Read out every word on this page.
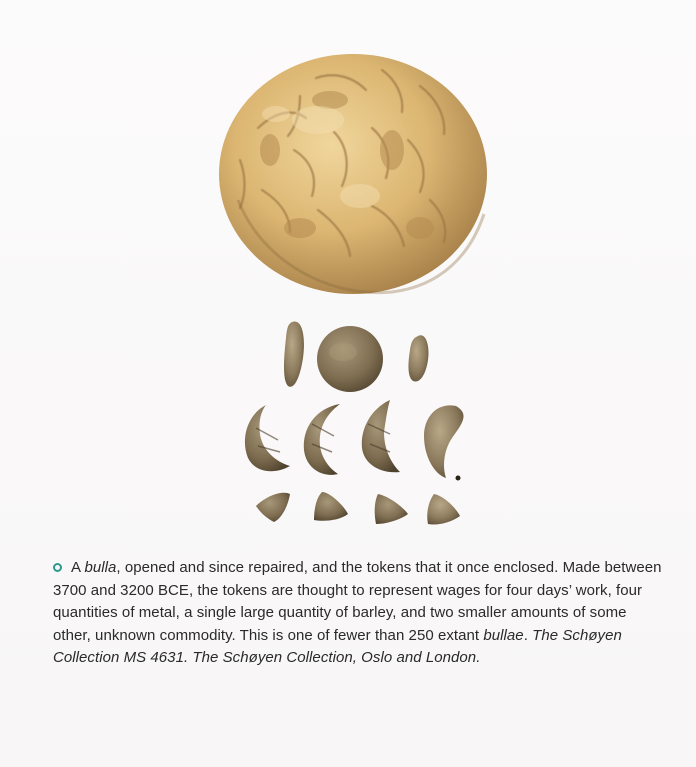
A bulla, opened and since repaired, and the tokens that it once enclosed. Made between 3700 and 3200 BCE, the tokens are thought to represent wages for four days’ work, four quantities of metal, a single large quantity of barley, and two smaller amounts of some other, unknown commodity. This is one of fewer than 250 extant bullae. The Schøyen Collection MS 4631. The Schøyen Collection, Oslo and London.
